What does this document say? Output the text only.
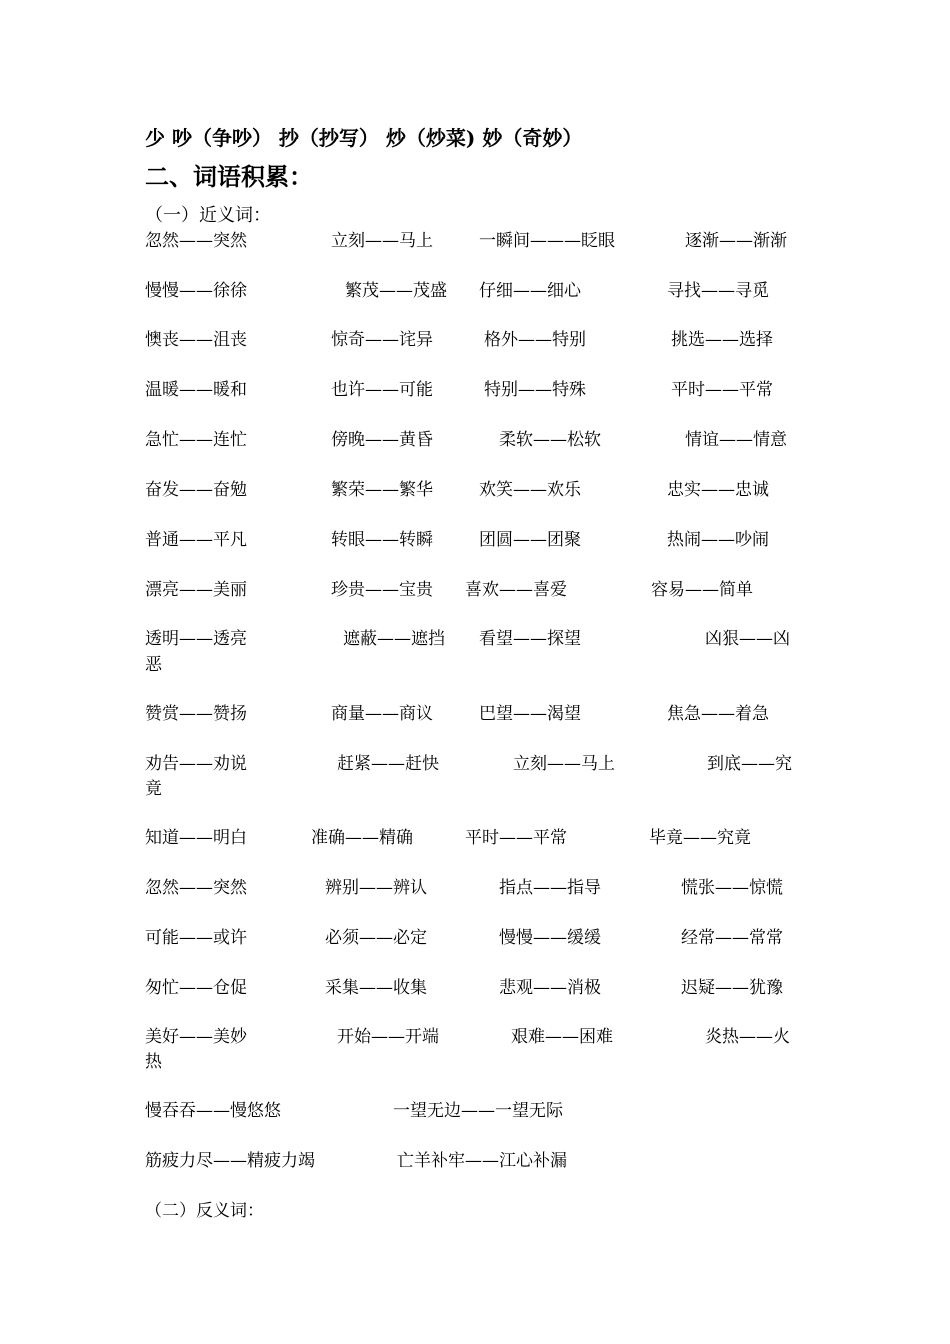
少 吵（争吵） 抄（抄写） 炒（炒菜) 妙（奇妙）
二、词语积累：
（一）近义词：
忽然——突然	立刻——马上	一瞬间———眨眼	逐渐——渐渐
慢慢——徐徐	繁茂——茂盛 仔细——细心	寻找——寻觅
懊丧——沮丧	惊奇——诧异	格外——特别	挑选——选择
温暖——暖和	也许——可能	特别——特殊	平时——平常
急忙——连忙	傍晚——黄昏	柔软——松软	情谊——情意
奋发——奋勉	繁荣——繁华	欢笑——欢乐	忠实——忠诚
普通——平凡	转眼——转瞬	团圆——团聚	热闹——吵闹
漂亮——美丽	珍贵——宝贵 喜欢——喜爱	容易——简单
透明——透亮	遮蔽——遮挡 看望——探望	凶狠——凶
恶
赞赏——赞扬	商量——商议	巴望——渴望	焦急——着急
劝告——劝说	赶紧——赶快	立刻——马上	到底——究
竟
知道——明白	准确——精确	平时——平常	毕竟——究竟
忽然——突然	辨别——辨认	指点——指导	慌张——惊慌
可能——或许	必须——必定	慢慢——缓缓	经常——常常
匆忙——仓促	采集——收集	悲观——消极	迟疑——犹豫
美好——美妙	开始——开端	艰难——困难	炎热——火
热
慢吞吞——慢悠悠	一望无边——一望无际
筋疲力尽——精疲力竭	亡羊补牢——江心补漏
（二）反义词：
